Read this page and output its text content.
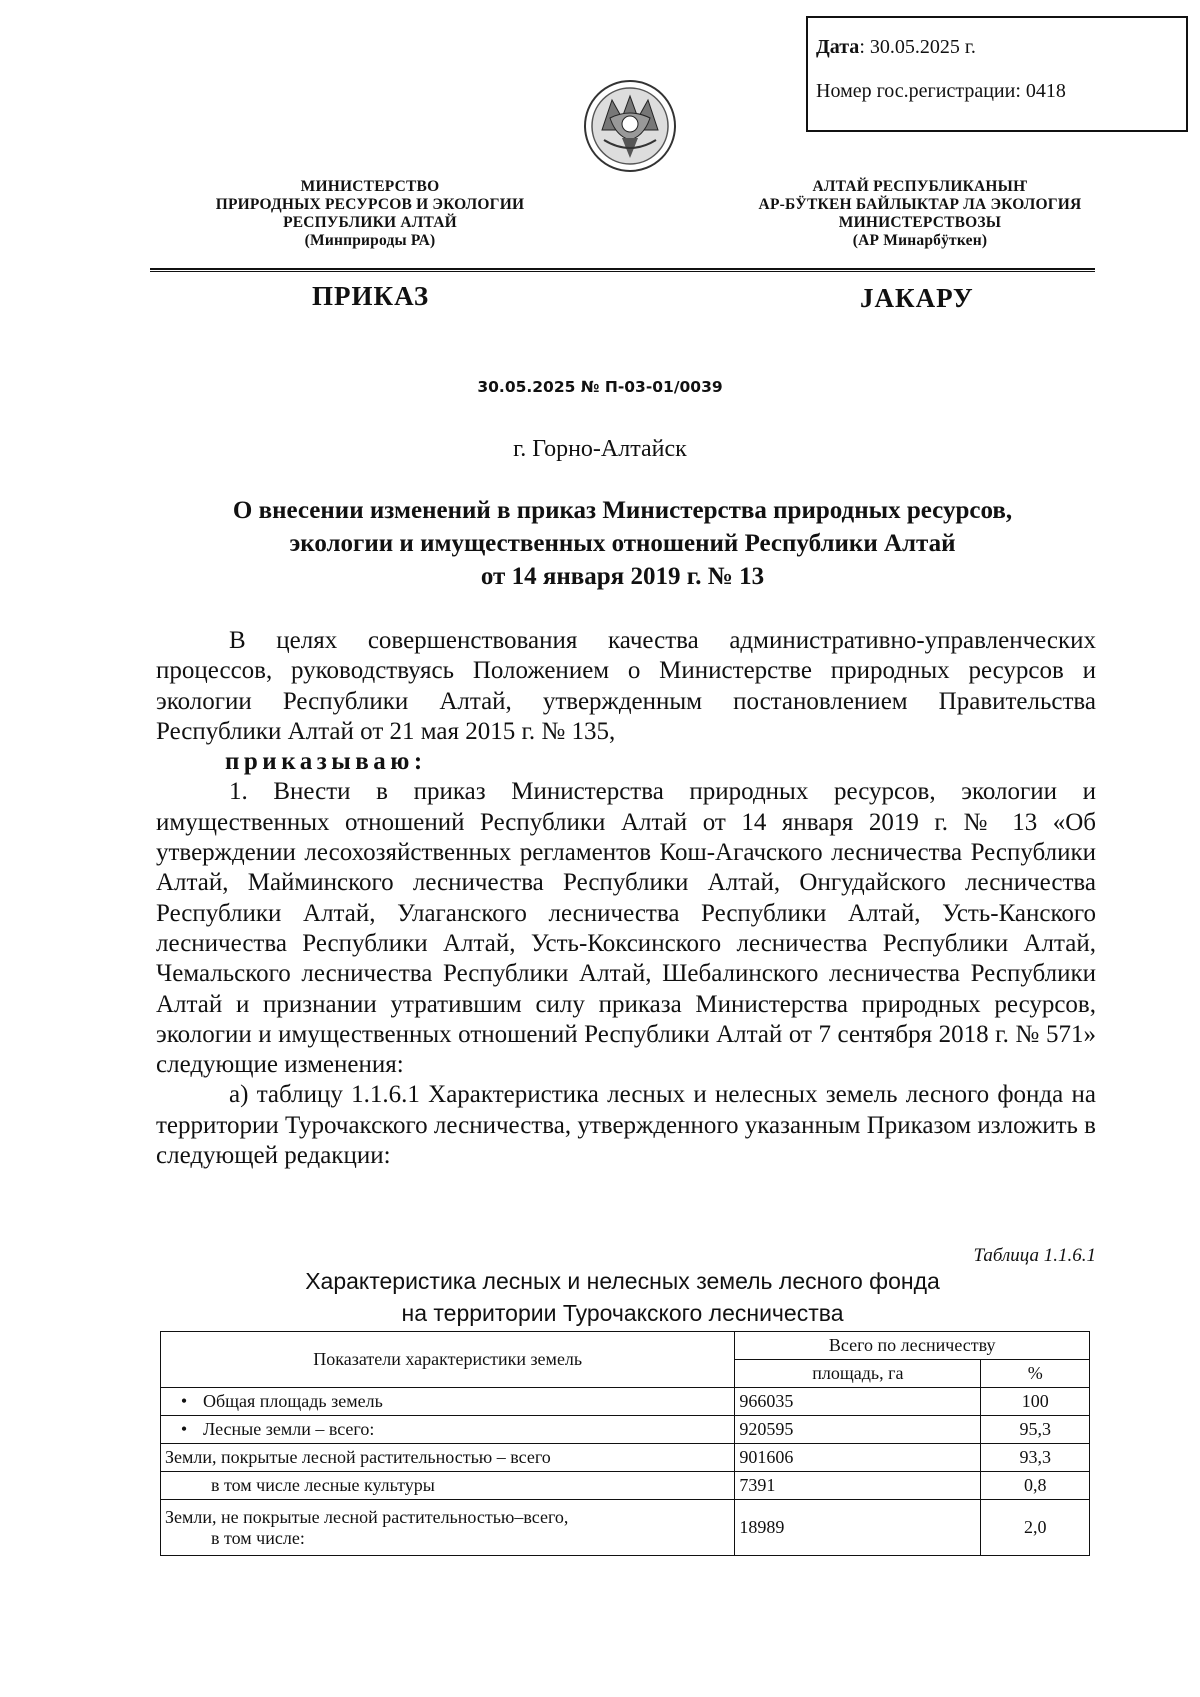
Дата: 30.05.2025 г.
Номер гос.регистрации: 0418
МИНИСТЕРСТВО
ПРИРОДНЫХ РЕСУРСОВ И ЭКОЛОГИИ
РЕСПУБЛИКИ АЛТАЙ
(Минприроды РА)
АЛТАЙ РЕСПУБЛИКАНЫҤ
АР-БӰТКЕН БАЙЛЫКТАР ЛА ЭКОЛОГИЯ
МИНИСТЕРСТВОЗЫ
(АР Минарбӱткен)
ПРИКАЗ	JАКАРУ
30.05.2025 № П-03-01/0039
г. Горно-Алтайск
О внесении изменений в приказ Министерства природных ресурсов,
экологии и имущественных отношений Республики Алтай
от 14 января 2019 г. № 13

В целях совершенствования качества административно-управленческих процессов, руководствуясь Положением о Министерстве природных ресурсов и экологии Республики Алтай, утвержденным постановлением Правительства Республики Алтай от 21 мая 2015 г. № 135,

приказываю:

1. Внести в приказ Министерства природных ресурсов, экологии и имущественных отношений Республики Алтай от 14 января 2019 г. № 13 «Об утверждении лесохозяйственных регламентов Кош-Агачского лесничества Республики Алтай, Майминского лесничества Республики Алтай, Онгудайского лесничества Республики Алтай, Улаганского лесничества Республики Алтай, Усть-Канского лесничества Республики Алтай, Усть-Коксинского лесничества Республики Алтай, Чемальского лесничества Республики Алтай, Шебалинского лесничества Республики Алтай и признании утратившим силу приказа Министерства природных ресурсов, экологии и имущественных отношений Республики Алтай от 7 сентября 2018 г. № 571» следующие изменения:

а) таблицу 1.1.6.1 Характеристика лесных и нелесных земель лесного фонда на территории Турочакского лесничества, утвержденного указанным Приказом изложить в следующей редакции:

Таблица 1.1.6.1
Характеристика лесных и нелесных земель лесного фонда
на территории Турочакского лесничества
Показатели характеристики земель	Всего по лесничеству	
	площадь, га	%
• Общая площадь земель	966035	100
• Лесные земли – всего:	920595	95,3
Земли, покрытые лесной растительностью – всего	901606	93,3
в том числе лесные культуры	7391	0,8

Земли, не покрытые лесной растительностью–всего,
в том числе:	18989	2,0
